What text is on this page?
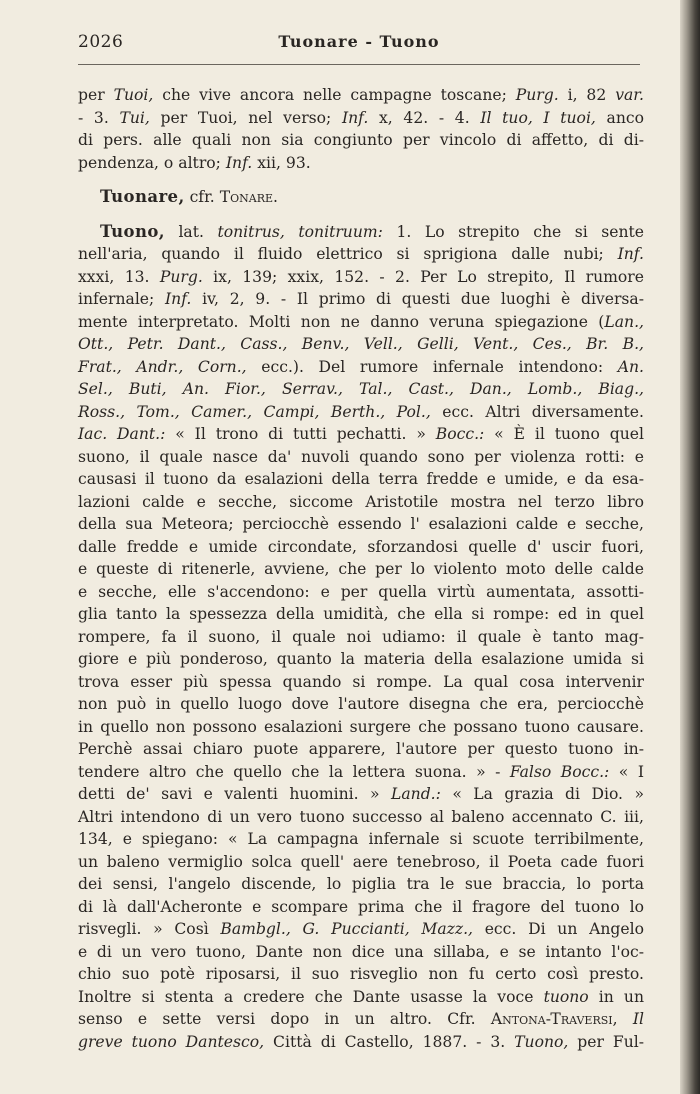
2026	Tuonare - Tuono
per Tuoi, che vive ancora nelle campagne toscane; Purg. i, 82 var.
- 3. Tui, per Tuoi, nel verso; Inf. x, 42. - 4. Il tuo, I tuoi, anco
di pers. alle quali non sia congiunto per vincolo di affetto, di di-
pendenza, o altro; Inf. xii, 93.
Tuonare, cfr. Tonare.
Tuono, lat. tonitrus, tonitruum: 1. Lo strepito che si sente
nell'aria, quando il fluido elettrico si sprigiona dalle nubi; Inf.
xxxi, 13. Purg. ix, 139; xxix, 152. - 2. Per Lo strepito, Il rumore
infernale; Inf. iv, 2, 9. - Il primo di questi due luoghi è diversa-
mente interpretato. Molti non ne danno veruna spiegazione (Lan.,
Ott., Petr. Dant., Cass., Benv., Vell., Gelli, Vent., Ces., Br. B.,
Frat., Andr., Corn., ecc.). Del rumore infernale intendono: An.
Sel., Buti, An. Fior., Serrav., Tal., Cast., Dan., Lomb., Biag.,
Ross., Tom., Camer., Campi, Berth., Pol., ecc. Altri diversamente.
Iac. Dant.: « Il trono di tutti pechatti. » Bocc.: « È il tuono quel
suono, il quale nasce da' nuvoli quando sono per violenza rotti: e
causasi il tuono da esalazioni della terra fredde e umide, e da esa-
lazioni calde e secche, siccome Aristotile mostra nel terzo libro
della sua Meteora; perciocchè essendo l' esalazioni calde e secche,
dalle fredde e umide circondate, sforzandosi quelle d' uscir fuori,
e queste di ritenerle, avviene, che per lo violento moto delle calde
e secche, elle s'accendono: e per quella virtù aumentata, assotti-
glia tanto la spessezza della umidità, che ella si rompe: ed in quel
rompere, fa il suono, il quale noi udiamo: il quale è tanto mag-
giore e più ponderoso, quanto la materia della esalazione umida si
trova esser più spessa quando si rompe. La qual cosa intervenir
non può in quello luogo dove l'autore disegna che era, perciocchè
in quello non possono esalazioni surgere che possano tuono causare.
Perchè assai chiaro puote apparere, l'autore per questo tuono in-
tendere altro che quello che la lettera suona. » - Falso Bocc.: « I
detti de' savi e valenti huomini. » Land.: « La grazia di Dio. »
Altri intendono di un vero tuono successo al baleno accennato C. iii,
134, e spiegano: « La campagna infernale si scuote terribilmente,
un baleno vermiglio solca quell' aere tenebroso, il Poeta cade fuori
dei sensi, l'angelo discende, lo piglia tra le sue braccia, lo porta
di là dall'Acheronte e scompare prima che il fragore del tuono lo
risvegli. » Così Bambgl., G. Puccianti, Mazz., ecc. Di un Angelo
e di un vero tuono, Dante non dice una sillaba, e se intanto l'oc-
chio suo potè riposarsi, il suo risveglio non fu certo così presto.
Inoltre si stenta a credere che Dante usasse la voce tuono in un
senso e sette versi dopo in un altro. Cfr. Antona-Traversi, Il
greve tuono Dantesco, Città di Castello, 1887. - 3. Tuono, per Ful-
